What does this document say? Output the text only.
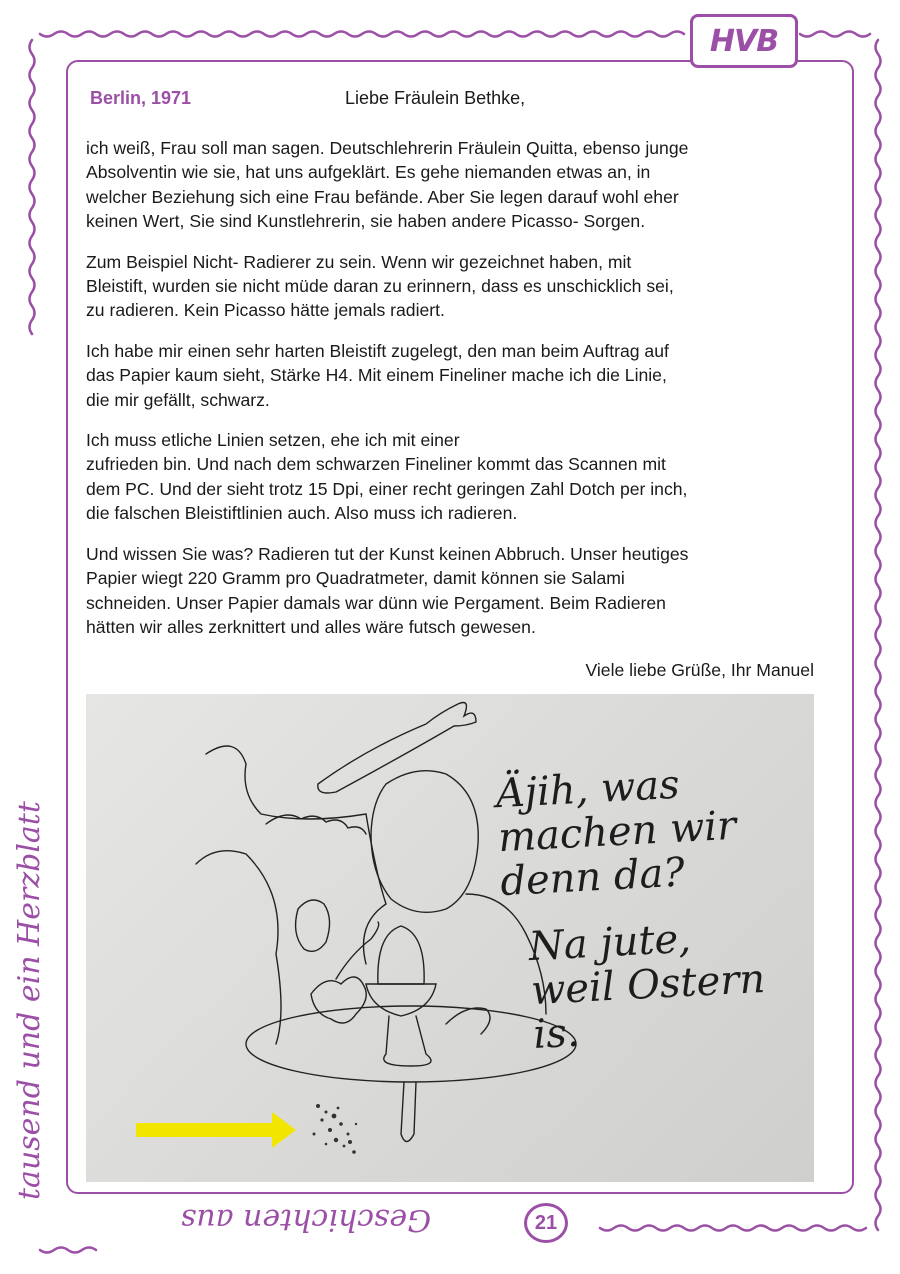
HVB
Berlin, 1971	Liebe Fräulein Bethke,

ich weiß, Frau soll man sagen. Deutschlehrerin Fräulein Quitta, ebenso junge
Absolventin wie sie, hat uns aufgeklärt. Es gehe niemanden etwas an, in
welcher Beziehung sich eine Frau befände. Aber Sie legen darauf wohl eher
keinen Wert, Sie sind Kunstlehrerin, sie haben andere Picasso- Sorgen.

Zum Beispiel Nicht- Radierer zu sein. Wenn wir gezeichnet haben, mit
Bleistift, wurden sie nicht müde daran zu erinnern, dass es unschicklich sei,
zu radieren. Kein Picasso hätte jemals radiert.

Ich habe mir einen sehr harten Bleistift zugelegt, den man beim Auftrag auf
das Papier kaum sieht, Stärke H4. Mit einem Fineliner mache ich die Linie,
die mir gefällt, schwarz.

Ich muss etliche Linien setzen, ehe ich mit einer
zufrieden bin. Und nach dem schwarzen Fineliner kommt das Scannen mit
dem PC. Und der sieht trotz 15 Dpi, einer recht geringen Zahl Dotch per inch,
die falschen Bleistiftlinien auch. Also muss ich radieren.

Und wissen Sie was? Radieren tut der Kunst keinen Abbruch. Unser heutiges
Papier wiegt 220 Gramm pro Quadratmeter, damit können sie Salami
schneiden. Unser Papier damals war dünn wie Pergament. Beim Radieren
hätten wir alles zerknittert und alles wäre futsch gewesen.

Viele liebe Grüße, Ihr Manuel
Äjih, was
machen wir
denn da?
Na jute,
weil Ostern
is.
tausend und ein Herzblatt
Geschichten aus	21
